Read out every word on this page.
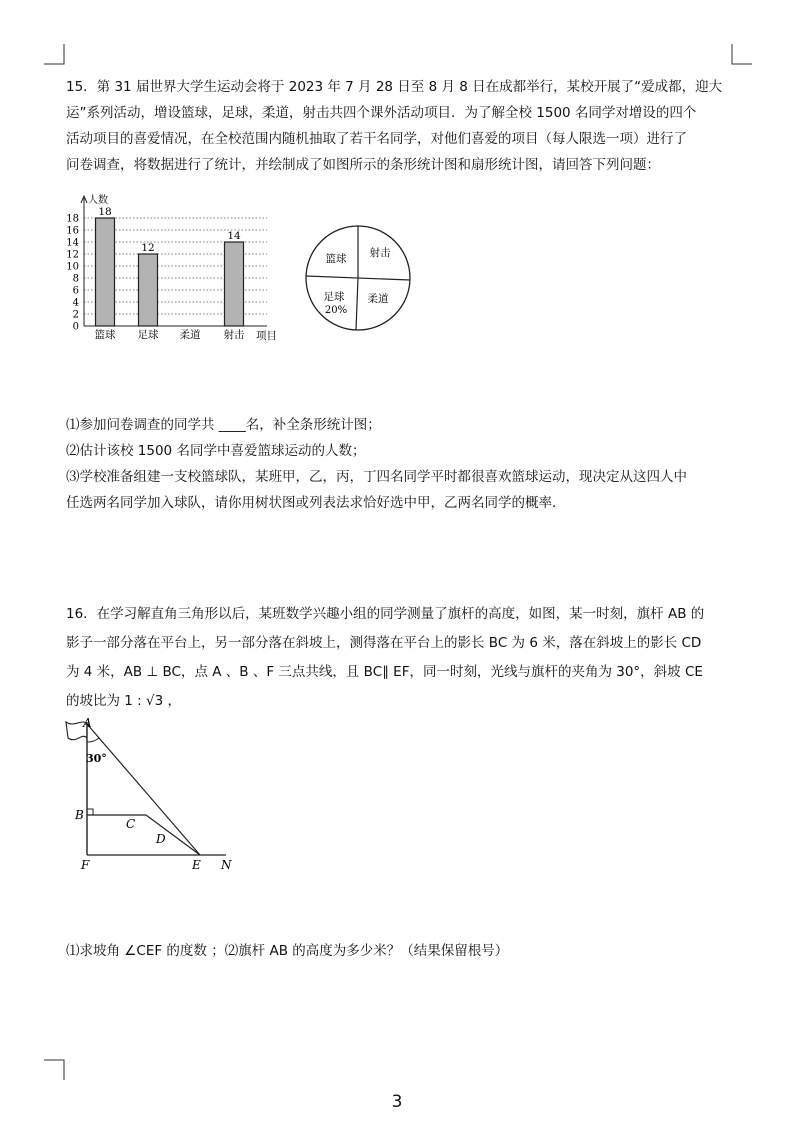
15．第 31 届世界大学生运动会将于 2023 年 7 月 28 日至 8 月 8 日在成都举行，某校开展了“爱成都，迎大
运”系列活动，增设篮球，足球，柔道，射击共四个课外活动项目．为了解全校 1500 名同学对增设的四个
活动项目的喜爱情况，在全校范围内随机抽取了若干名同学，对他们喜爱的项目（每人限选一项）进行了
问卷调查，将数据进行了统计，并绘制成了如图所示的条形统计图和扇形统计图，请回答下列问题：
0
2
4
6
8
10
12
14
16
18
人数
18
篮球
12
足球 柔道
14
射击 项目
篮球 射击
足球
20%
柔道
⑴参加问卷调查的同学共 ____名，补全条形统计图；
⑵估计该校 1500 名同学中喜爱篮球运动的人数；
⑶学校准备组建一支校篮球队，某班甲，乙，丙，丁四名同学平时都很喜欢篮球运动，现决定从这四人中
任选两名同学加入球队，请你用树状图或列表法求恰好选中甲，乙两名同学的概率．
16．在学习解直角三角形以后，某班数学兴趣小组的同学测量了旗杆的高度，如图，某一时刻，旗杆 AB 的
影子一部分落在平台上，另一部分落在斜坡上，测得落在平台上的影长 BC 为 6 米，落在斜坡上的影长 CD
为 4 米，AB ⊥ BC，点 A 、B 、F 三点共线，且 BC∥ EF，同一时刻，光线与旗杆的夹角为 30°，斜坡 CE
的坡比为 1 : √3 ，
A
30°
B
C
D
F	E N
⑴求坡角 ∠CEF 的度数 ；⑵旗杆 AB 的高度为多少米？（结果保留根号）
3
